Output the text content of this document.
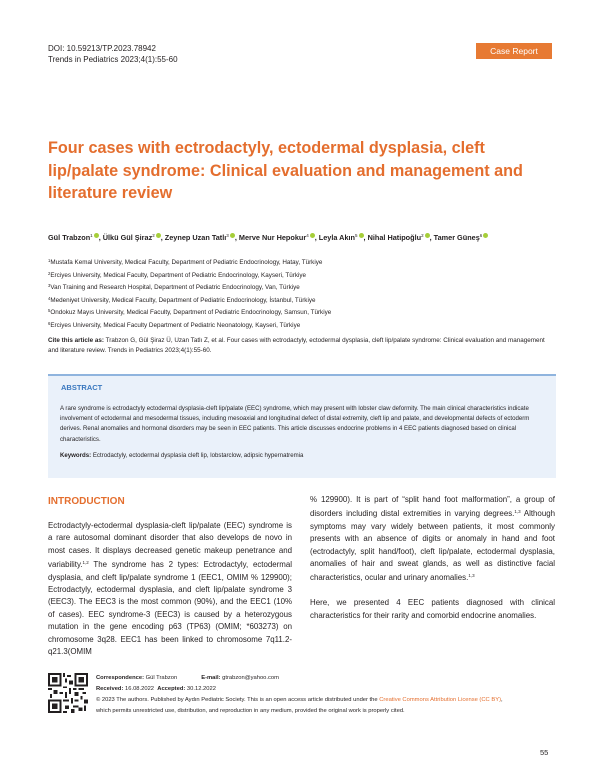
DOI: 10.59213/TP.2023.78942
Trends in Pediatrics 2023;4(1):55-60
Case Report
Four cases with ectrodactyly, ectodermal dysplasia, cleft lip/palate syndrome: Clinical evaluation and management and literature review
Gül Trabzon$^1$ , Ülkü Gül Şiraz$^2$ , Zeynep Uzan Tatlı$^3$ , Merve Nur Hepokur$^4$ , Leyla Akın$^5$ , Nihal Hatipoğlu$^2$ , Tamer Güneş$^6$
$^1$Mustafa Kemal University, Medical Faculty, Department of Pediatric Endocrinology, Hatay, Türkiye
$^2$Erciyes University, Medical Faculty, Department of Pediatric Endocrinology, Kayseri, Türkiye
$^3$Van Training and Research Hospital, Department of Pediatric Endocrinology, Van, Türkiye
$^4$Medeniyet University, Medical Faculty, Department of Pediatric Endocrinology, İstanbul, Türkiye
$^5$Ondokuz Mayıs University, Medical Faculty, Department of Pediatric Endocrinology, Samsun, Türkiye
$^6$Erciyes University, Medical Faculty Department of Pediatric Neonatology, Kayseri, Türkiye
Cite this article as: Trabzon G, Gül Şiraz Ü, Uzan Tatlı Z, et al. Four cases with ectrodactyly, ectodermal dysplasia, cleft lip/palate syndrome: Clinical evaluation and management and literature review. Trends in Pediatrics 2023;4(1):55-60.
ABSTRACT
A rare syndrome is ectrodactyly ectodermal dysplasia-cleft lip/palate (EEC) syndrome, which may present with lobster claw deformity. The main clinical characteristics indicate involvement of ectodermal and mesodermal tissues, including mesoaxial and longitudinal defect of distal extremity, cleft lip and palate, and developmental defects of ectoderm derives. Renal anomalies and hormonal disorders may be seen in EEC patients. This article discusses endocrine problems in 4 EEC patients diagnosed based on clinical characteristics.
Keywords: Ectrodactyly, ectodermal dysplasia cleft lip, lobstarclow, adipsic hypernatremia
INTRODUCTION

Ectrodactyly-ectodermal dysplasia-cleft lip/palate (EEC) syndrome is a rare autosomal dominant disorder that also develops de novo in most cases. It displays decreased genetic makeup penetrance and variability.$^{1,2}$ The syndrome has 2 types: Ectrodactyly, ectodermal dysplasia, and cleft lip/palate syndrome 1 (EEC1, OMIM % 129900); Ectrodactyly, ectodermal dysplasia, and cleft lip/palate syndrome 3 (EEC3). The EEC3 is the most common (90%), and the EEC1 (10% of cases). EEC syndrome-3 (EEC3) is caused by a heterozygous mutation in the gene encoding p63 (TP63) (OMIM; *603273) on chromosome 3q28. EEC1 has been linked to chromosome 7q11.2-q21.3(OMIM

% 129900). It is part of “split hand foot malformation”, a group of disorders including distal extremities in varying degrees.$^{1,3}$ Although symptoms may vary widely between patients, it most commonly presents with an absence of digits or anomaly in hand and foot (ectrodactyly, split hand/foot), cleft lip/palate, ectodermal dysplasia, anomalies of hair and sweat glands, as well as distinctive facial characteristics, ocular and urinary anomalies.$^{1,3}$

Here, we presented 4 EEC patients diagnosed with clinical characteristics for their rarity and comorbid endocrine anomalies.

Correspondence: Gül Trabzon	E-mail: gtrabzon@yahoo.com
Received: 16.08.2022 Accepted: 30.12.2022
© 2023 The authors. Published by Aydın Pediatric Society. This is an open access article distributed under the Creative Commons Attribution License (CC BY),
which permits unrestricted use, distribution, and reproduction in any medium, provided the original work is properly cited.
55
